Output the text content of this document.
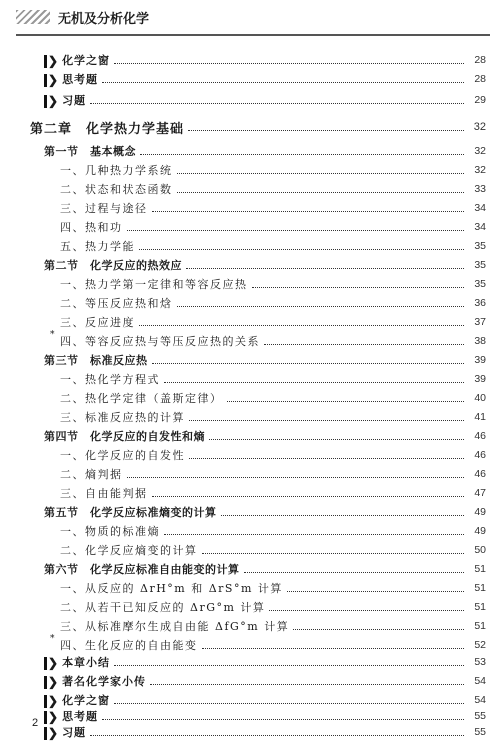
无机及分析化学
❯ 化学之窗	28
❯ 思考题	28
❯ 习题	29
第二章　化学热力学基础	32
第一节　基本概念	32
一、几种热力学系统	32
二、状态和状态函数	33
三、过程与途径	34
四、热和功	34
五、热力学能	35
第二节　化学反应的热效应	35
一、热力学第一定律和等容反应热	35
二、等压反应热和焓	36
三、反应进度	37
* 四、等容反应热与等压反应热的关系	38
第三节　标准反应热	39
一、热化学方程式	39
二、热化学定律（盖斯定律）	40
三、标准反应热的计算	41
第四节　化学反应的自发性和熵	46
一、化学反应的自发性	46
二、熵判据	46
三、自由能判据	47
第五节　化学反应标准熵变的计算	49
一、物质的标准熵	49
二、化学反应熵变的计算	50
第六节　化学反应标准自由能变的计算	51
一、从反应的 ΔrH°m 和 ΔrS°m 计算	51
二、从若干已知反应的 ΔrG°m 计算	51
三、从标准摩尔生成自由能 ΔfG°m 计算	51
* 四、生化反应的自由能变	52
❯ 本章小结	53
❯ 著名化学家小传	54
❯ 化学之窗	54
❯ 思考题	55
❯ 习题	55
2
